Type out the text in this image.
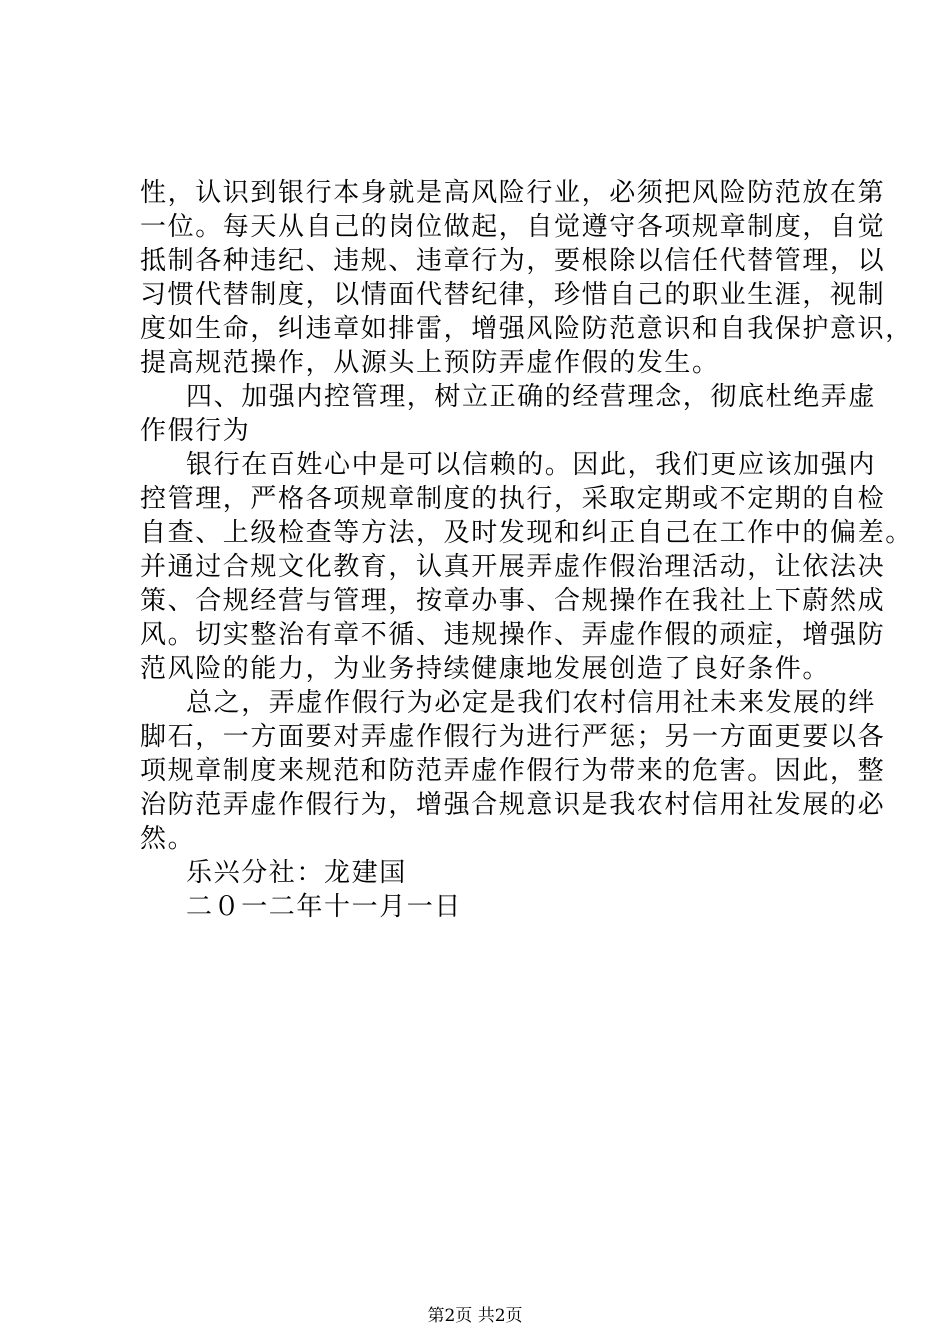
性，认识到银行本身就是高风险行业，必须把风险防范放在第
一位。每天从自己的岗位做起，自觉遵守各项规章制度，自觉
抵制各种违纪、违规、违章行为，要根除以信任代替管理，以
习惯代替制度，以情面代替纪律，珍惜自己的职业生涯，视制
度如生命，纠违章如排雷，增强风险防范意识和自我保护意识，
提高规范操作，从源头上预防弄虚作假的发生。
四、加强内控管理，树立正确的经营理念，彻底杜绝弄虚
作假行为
银行在百姓心中是可以信赖的。因此，我们更应该加强内
控管理，严格各项规章制度的执行，采取定期或不定期的自检
自查、上级检查等方法，及时发现和纠正自己在工作中的偏差。
并通过合规文化教育，认真开展弄虚作假治理活动，让依法决
策、合规经营与管理，按章办事、合规操作在我社上下蔚然成
风。切实整治有章不循、违规操作、弄虚作假的顽症，增强防
范风险的能力，为业务持续健康地发展创造了良好条件。
总之，弄虚作假行为必定是我们农村信用社未来发展的绊
脚石，一方面要对弄虚作假行为进行严惩；另一方面更要以各
项规章制度来规范和防范弄虚作假行为带来的危害。因此，整
治防范弄虚作假行为，增强合规意识是我农村信用社发展的必
然。
乐兴分社：龙建国
二０一二年十一月一日
第2页 共2页
